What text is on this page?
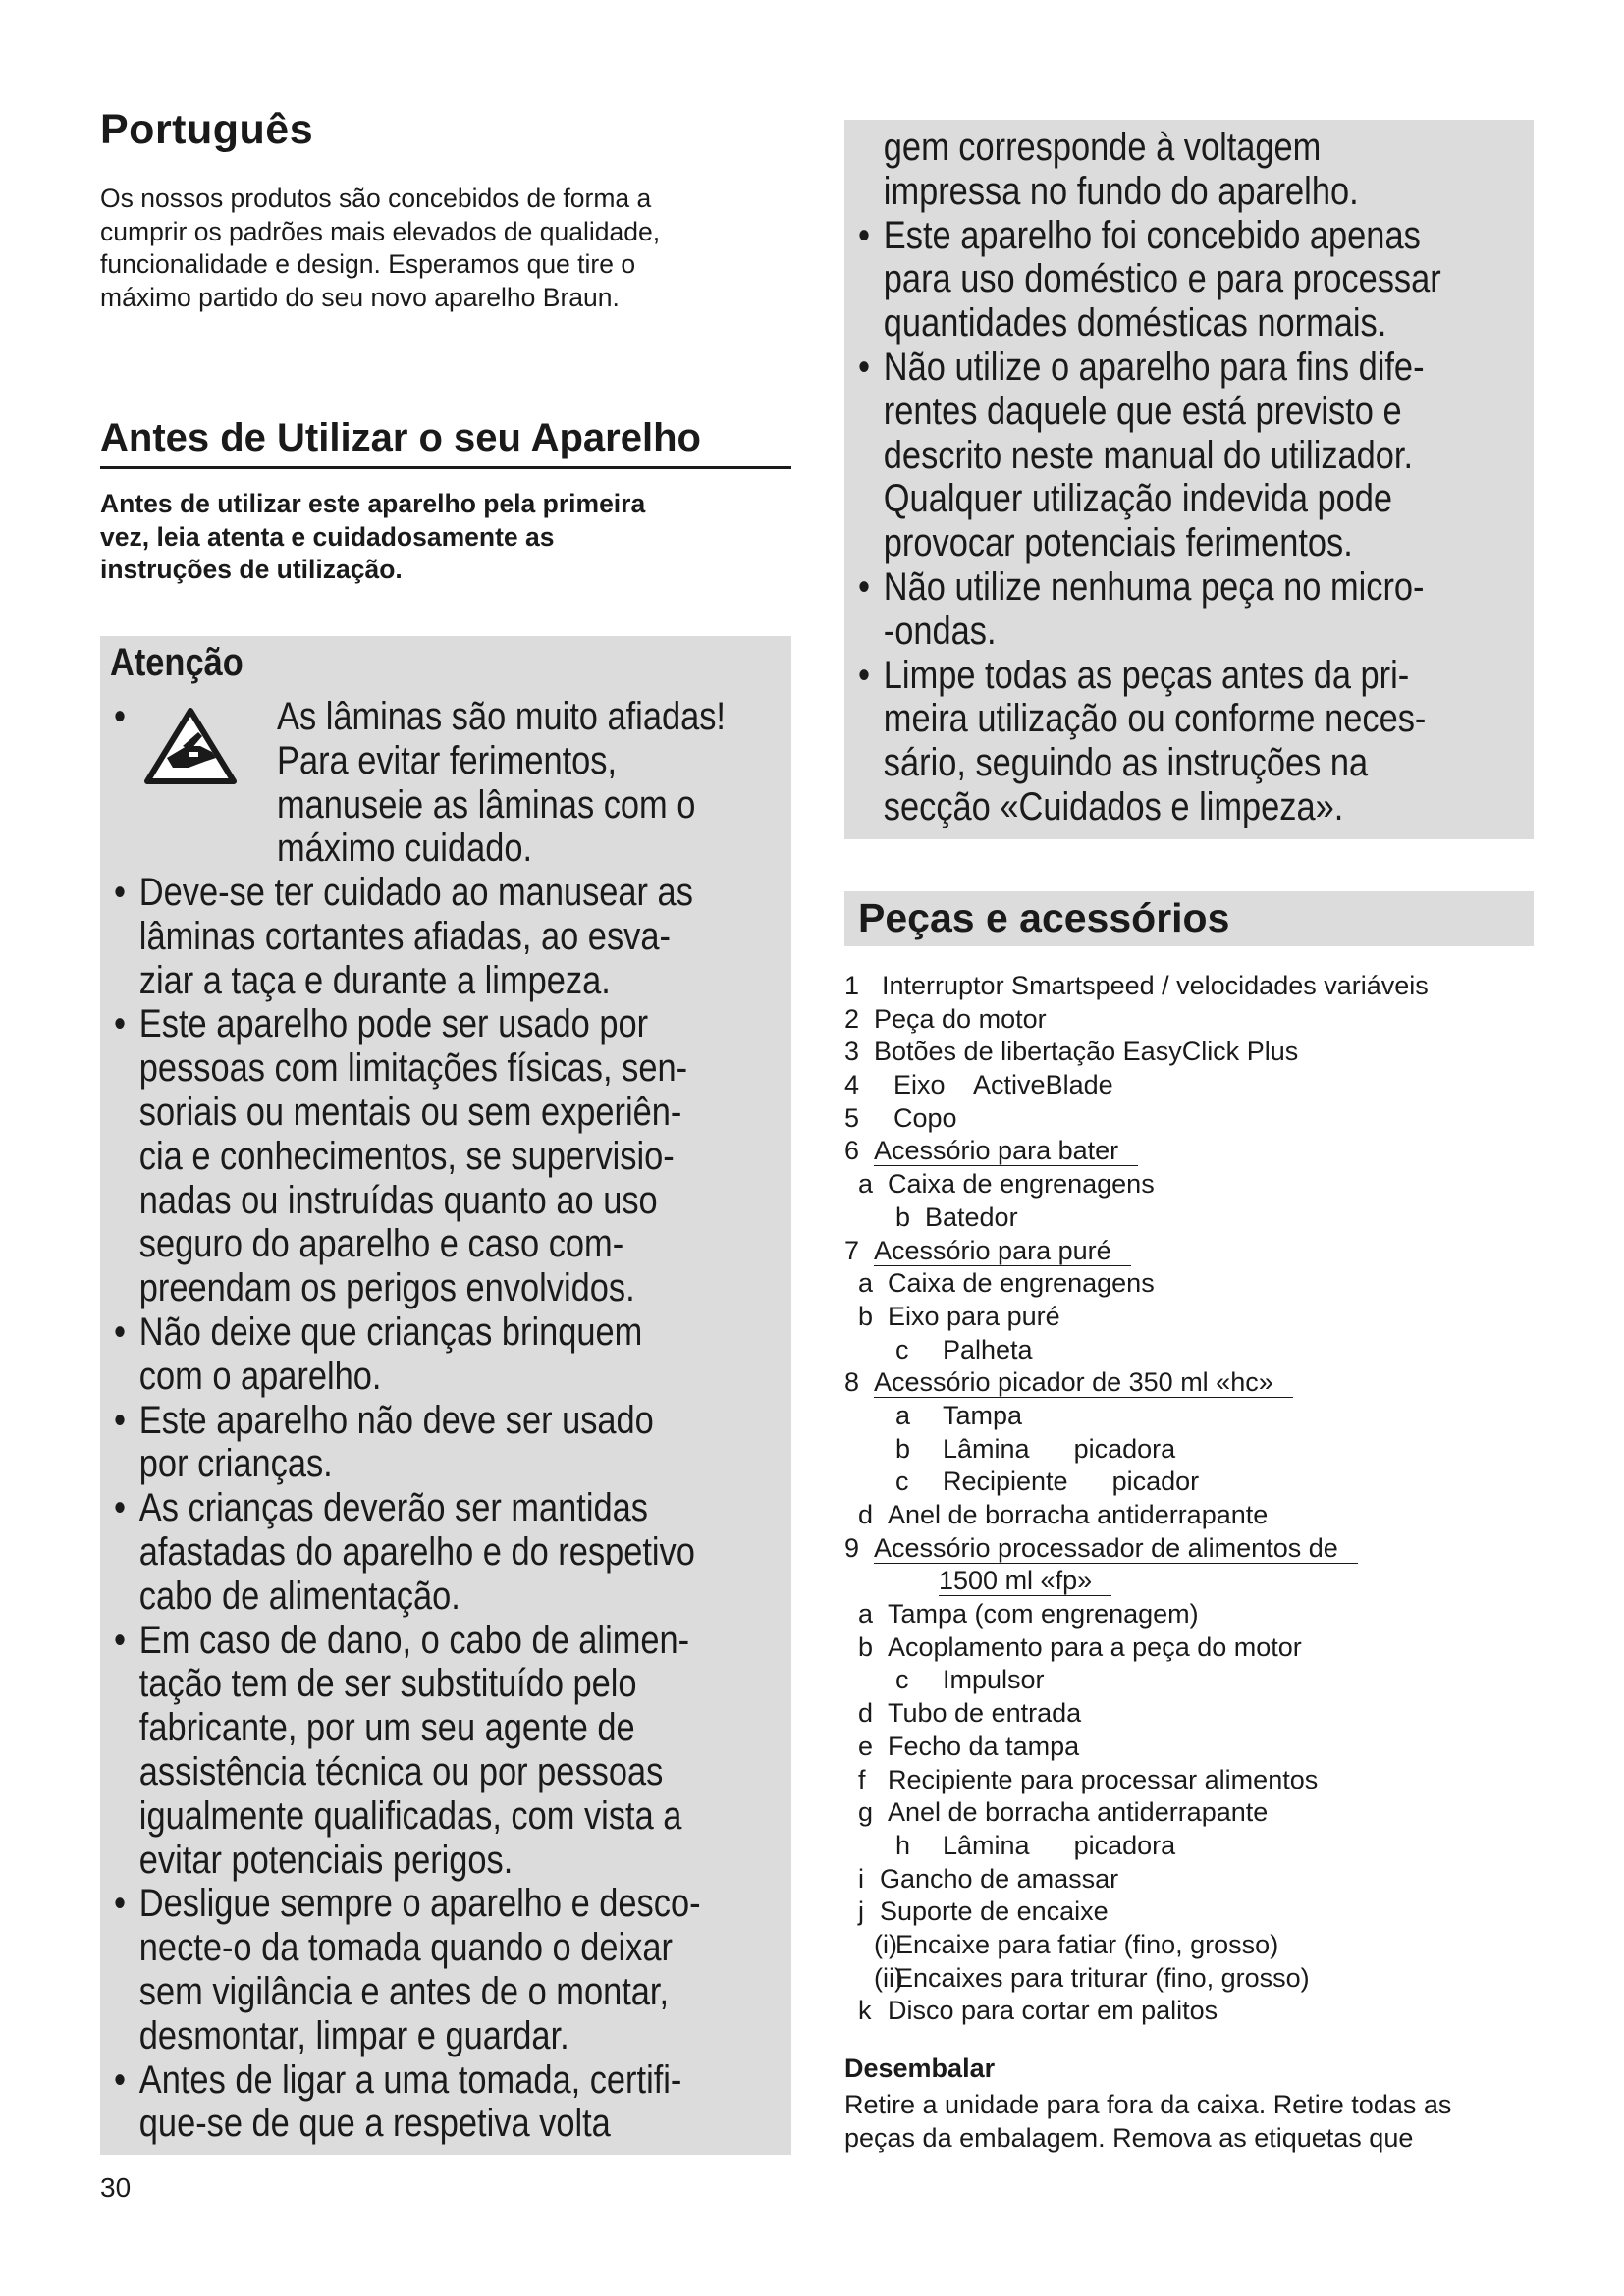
Português
Os nossos produtos são concebidos de forma a
cumprir os padrões mais elevados de qualidade,
funcionalidade e design. Esperamos que tire o
máximo partido do seu novo aparelho Braun.
Antes de Utilizar o seu Aparelho
Antes de utilizar este aparelho pela primeira
vez, leia atenta e cuidadosamente as
instruções de utilização.
Atenção
•	As lâminas são muito afiadas!
Para evitar ferimentos,
manuseie as lâminas com o
máximo cuidado.
• Deve-se ter cuidado ao manusear as
lâminas cortantes afiadas, ao esva-
ziar a taça e durante a limpeza.
• Este aparelho pode ser usado por
pessoas com limitações físicas, sen-
soriais ou mentais ou sem experiên-
cia e conhecimentos, se supervisio-
nadas ou instruídas quanto ao uso
seguro do aparelho e caso com-
preendam os perigos envolvidos.
• Não deixe que crianças brinquem
com o aparelho.
• Este aparelho não deve ser usado
por crianças.
• As crianças deverão ser mantidas
afastadas do aparelho e do respetivo
cabo de alimentação.
• Em caso de dano, o cabo de alimen-
tação tem de ser substituído pelo
fabricante, por um seu agente de
assistência técnica ou por pessoas
igualmente qualificadas, com vista a
evitar potenciais perigos.
• Desligue sempre o aparelho e desco-
necte-o da tomada quando o deixar
sem vigilância e antes de o montar,
desmontar, limpar e guardar.
• Antes de ligar a uma tomada, certifi-
que-se de que a respetiva volta
30
gem corresponde à voltagem
impressa no fundo do aparelho.
• Este aparelho foi concebido apenas
para uso doméstico e para processar
quantidades domésticas normais.
• Não utilize o aparelho para fins dife-
rentes daquele que está previsto e
descrito neste manual do utilizador.
Qualquer utilização indevida pode
provocar potenciais ferimentos.
• Não utilize nenhuma peça no micro-
-ondas.
• Limpe todas as peças antes da pri-
meira utilização ou conforme neces-
sário, seguindo as instruções na
secção «Cuidados e limpeza».
Peças e acessórios
1 Interruptor Smartspeed / velocidades variáveis
2 Peça do motor
3 Botões de libertação EasyClick Plus
4 Eixo    ActiveBlade
5 Copo
6 Acessório para bater
a Caixa de engrenagens
b Batedor
7 Acessório para puré
a Caixa de engrenagens
b Eixo para puré
c Palheta
8 Acessório picador de 350 ml «hc»
a Tampa
b Lâmina      picadora
c Recipiente      picador
d Anel de borracha antiderrapante
9 Acessório processador de alimentos de
1500 ml «fp»
a Tampa (com engrenagem)
b Acoplamento para a peça do motor
c Impulsor
d Tubo de entrada
e Fecho da tampa
f Recipiente para processar alimentos
g Anel de borracha antiderrapante
h Lâmina      picadora
i Gancho de amassar
j Suporte de encaixe
(i)Encaixe para fatiar (fino, grosso)
(ii)Encaixes para triturar (fino, grosso)
k Disco para cortar em palitos
Desembalar
Retire a unidade para fora da caixa. Retire todas as
peças da embalagem. Remova as etiquetas que
